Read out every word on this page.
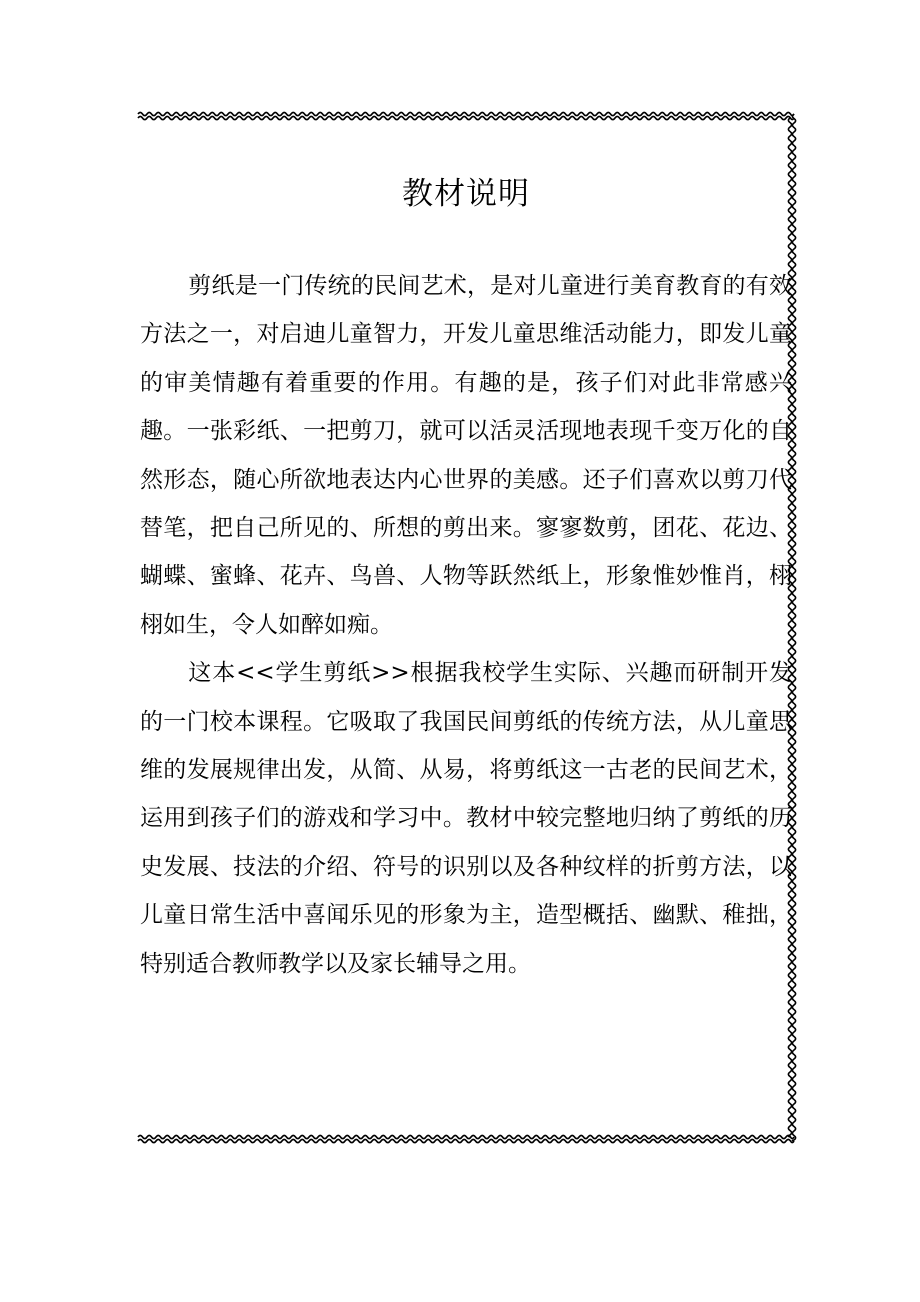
教材说明

剪纸是一门传统的民间艺术，是对儿童进行美育教育的有效方法之一，对启迪儿童智力，开发儿童思维活动能力，即发儿童的审美情趣有着重要的作用。有趣的是，孩子们对此非常感兴趣。一张彩纸、一把剪刀，就可以活灵活现地表现千变万化的自然形态，随心所欲地表达内心世界的美感。还子们喜欢以剪刀代替笔，把自己所见的、所想的剪出来。寥寥数剪，团花、花边、蝴蝶、蜜蜂、花卉、鸟兽、人物等跃然纸上，形象惟妙惟肖，栩栩如生，令人如醉如痴。

这本<<学生剪纸>>根据我校学生实际、兴趣而研制开发的一门校本课程。它吸取了我国民间剪纸的传统方法，从儿童思维的发展规律出发，从简、从易，将剪纸这一古老的民间艺术，运用到孩子们的游戏和学习中。教材中较完整地归纳了剪纸的历史发展、技法的介绍、符号的识别以及各种纹样的折剪方法，以儿童日常生活中喜闻乐见的形象为主，造型概括、幽默、稚拙，特别适合教师教学以及家长辅导之用。
